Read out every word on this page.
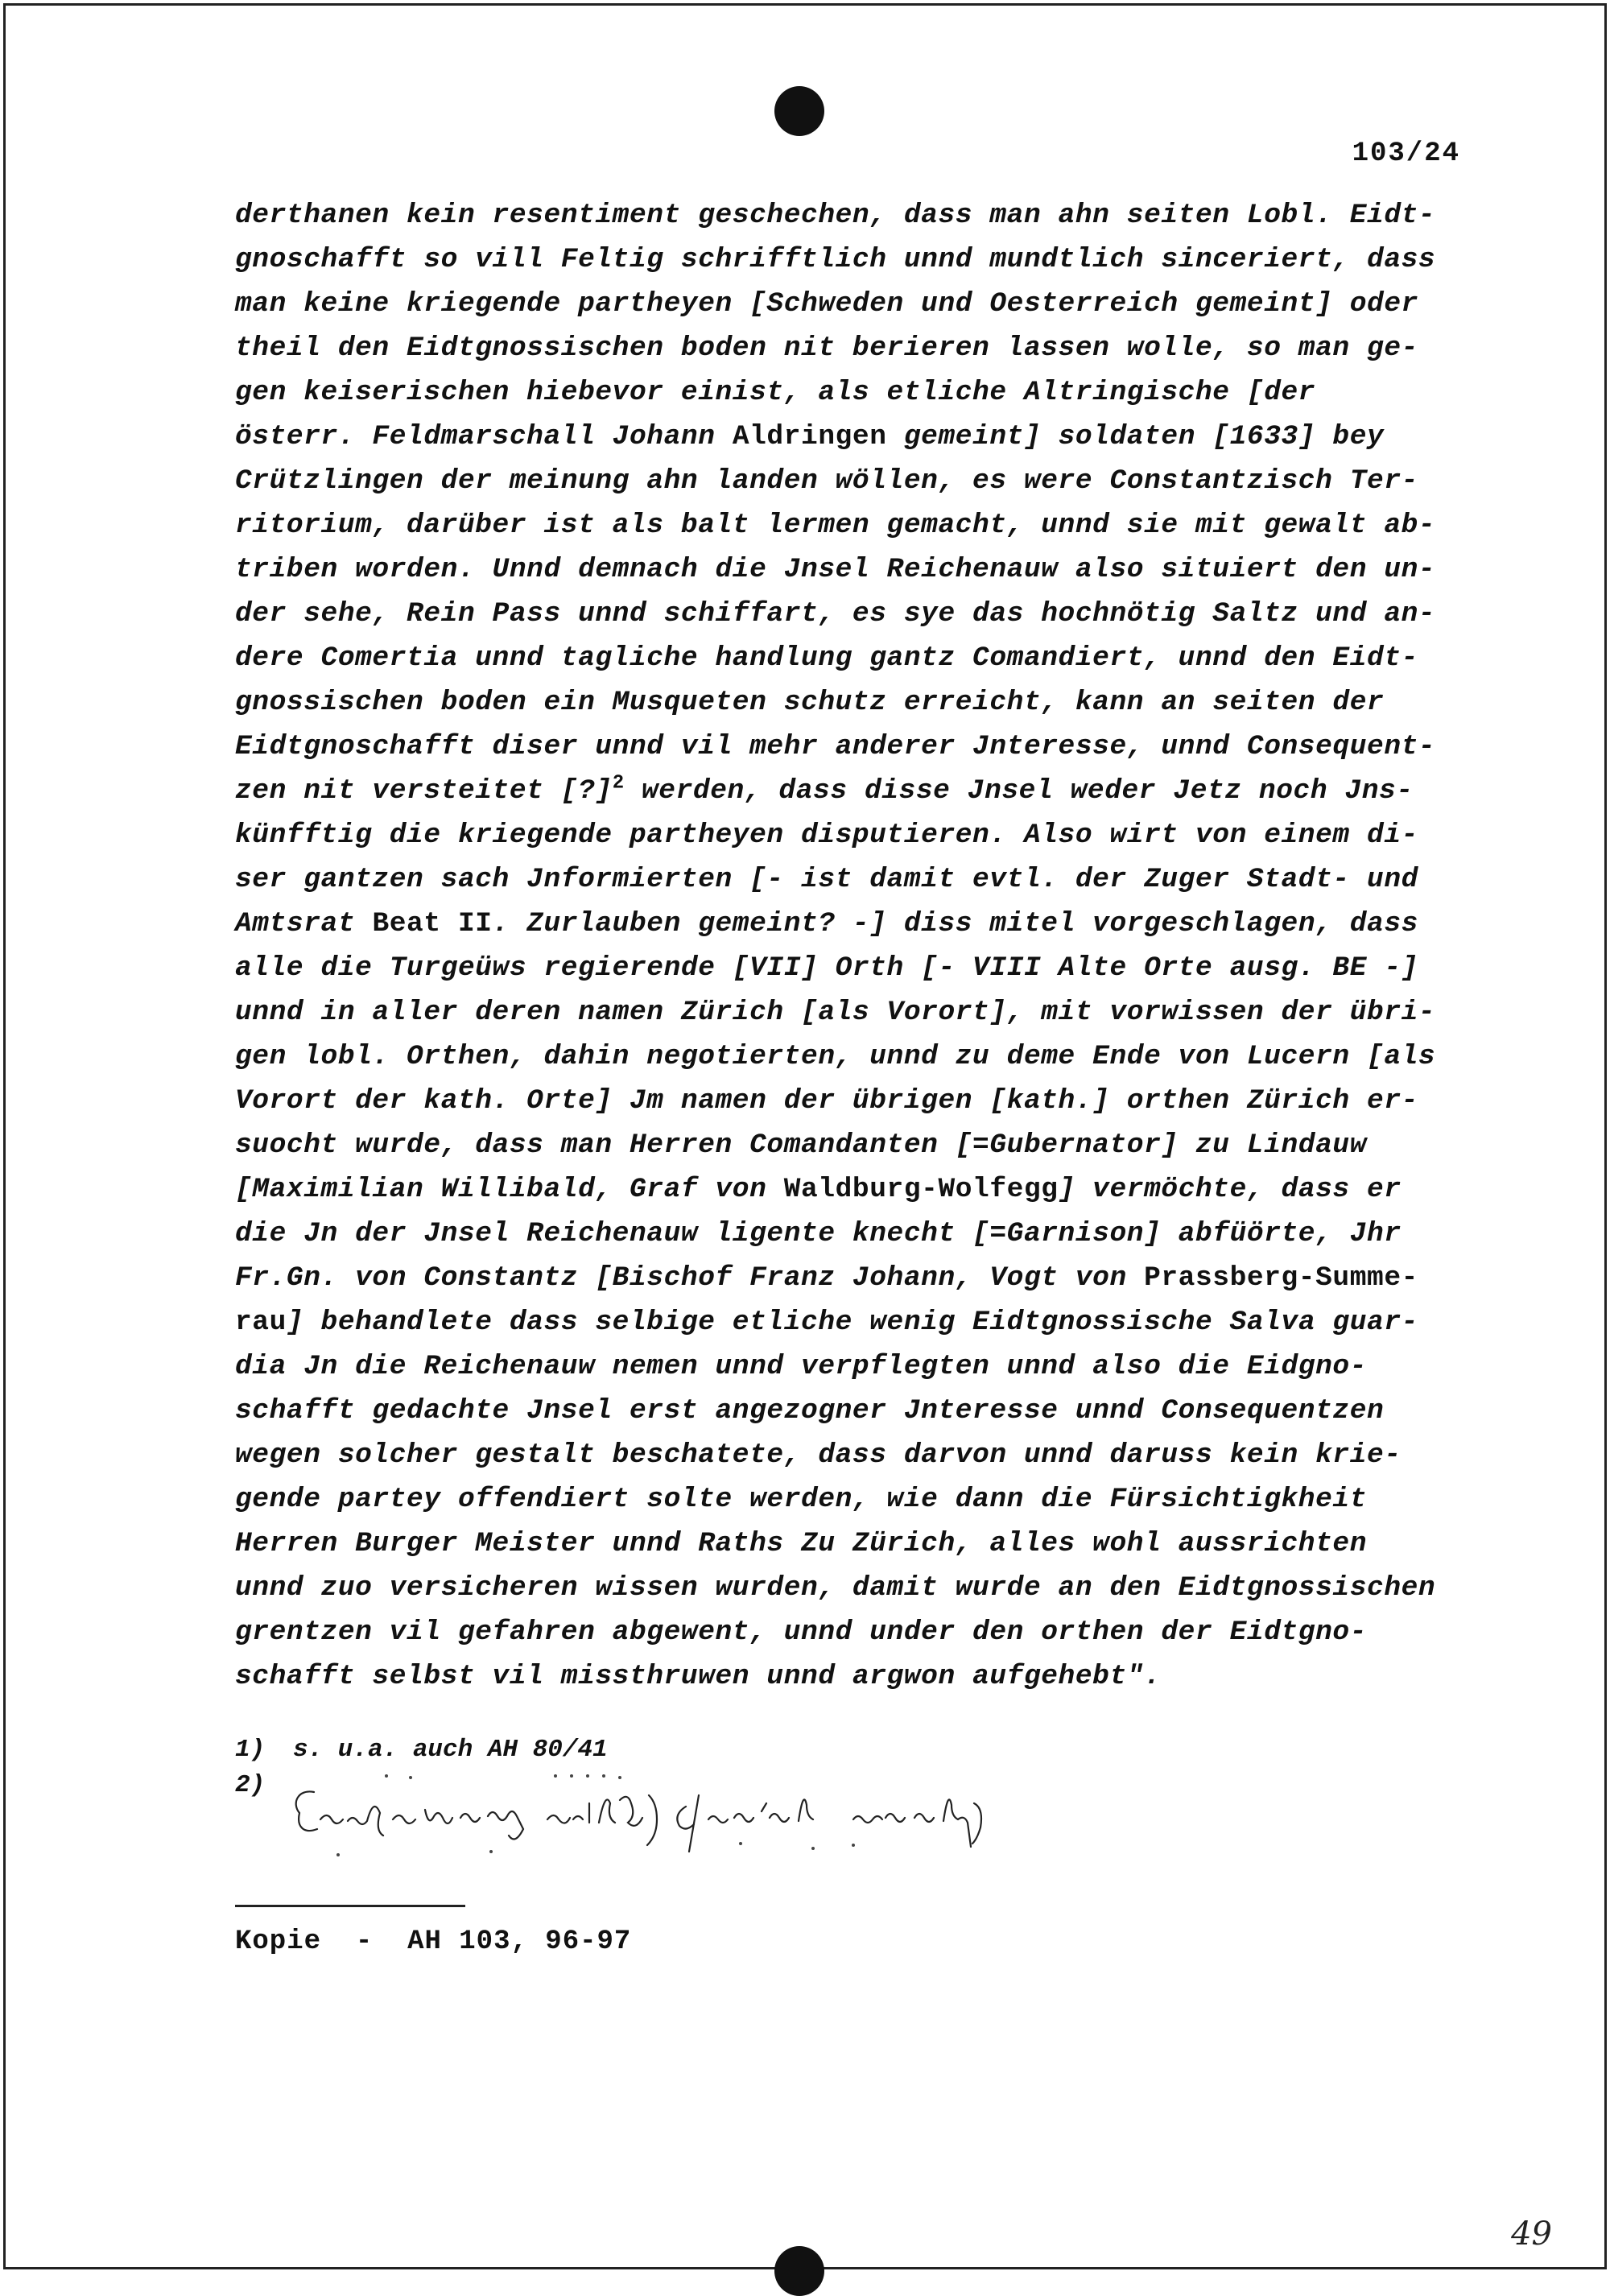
103/24
derthanen kein resentiment geschechen, dass man ahn seiten Lobl. Eidt-
gnoschafft so vill Feltig schrifftlich unnd mundtlich sinceriert, dass
man keine kriegende partheyen [Schweden und Oesterreich gemeint] oder
theil den Eidtgnossischen boden nit berieren lassen wolle, so man ge-
gen keiserischen hiebevor einist, als etliche Altringische [der
österr. Feldmarschall Johann Aldringen gemeint] soldaten [1633] bey
Crützlingen der meinung ahn landen wöllen, es were Constantzisch Ter-
ritorium, darüber ist als balt lermen gemacht, unnd sie mit gewalt ab-
triben worden. Unnd demnach die Jnsel Reichenauw also situiert den un-
der sehe, Rein Pass unnd schiffart, es sye das hochnötig Saltz und an-
dere Comertia unnd tagliche handlung gantz Comandiert, unnd den Eidt-
gnossischen boden ein Musqueten schutz erreicht, kann an seiten der
Eidtgnoschafft diser unnd vil mehr anderer Jnteresse, unnd Consequent-
zen nit versteitet [?]$^2$ werden, dass disse Jnsel weder Jetz noch Jns-
künfftig die kriegende partheyen disputieren. Also wirt von einem di-
ser gantzen sach Jnformierten [- ist damit evtl. der Zuger Stadt- und
Amtsrat Beat II. Zurlauben gemeint? -] diss mitel vorgeschlagen, dass
alle die Turgeüws regierende [VII] Orth [- VIII Alte Orte ausg. BE -]
unnd in aller deren namen Zürich [als Vorort], mit vorwissen der übri-
gen lobl. Orthen, dahin negotierten, unnd zu deme Ende von Lucern [als
Vorort der kath. Orte] Jm namen der übrigen [kath.] orthen Zürich er-
suocht wurde, dass man Herren Comandanten [=Gubernator] zu Lindauw
[Maximilian Willibald, Graf von Waldburg-Wolfegg] vermöchte, dass er
die Jn der Jnsel Reichenauw ligente knecht [=Garnison] abfüörte, Jhr
Fr.Gn. von Constantz [Bischof Franz Johann, Vogt von Prassberg-Summe-
rau] behandlete dass selbige etliche wenig Eidtgnossische Salva guar-
dia Jn die Reichenauw nemen unnd verpflegten unnd also die Eidgno-
schafft gedachte Jnsel erst angezogner Jnteresse unnd Consequentzen
wegen solcher gestalt beschatete, dass darvon unnd daruss kein krie-
gende partey offendiert solte werden, wie dann die Fürsichtigkheit
Herren Burger Meister unnd Raths Zu Zürich, alles wohl aussrichten
unnd zuo versicheren wissen wurden, damit wurde an den Eidtgnossischen
grentzen vil gefahren abgewent, unnd under den orthen der Eidtgno-
schafft selbst vil missthruwen unnd argwon aufgehebt".
1) s. u.a. auch AH 80/41
2)
Kopie - AH 103, 96-97
49
